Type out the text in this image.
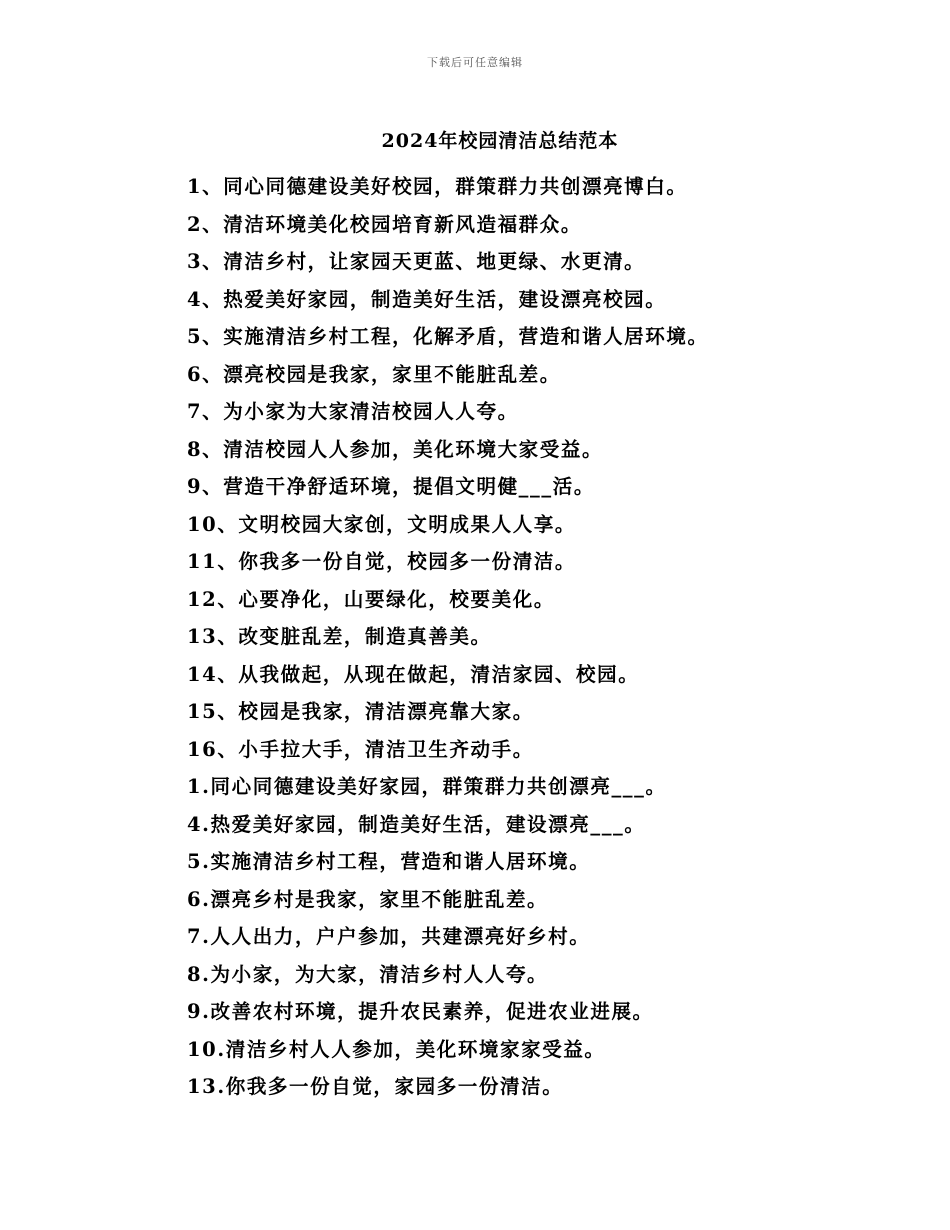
下载后可任意编辑
2024年校园清洁总结范本
1、同心同德建设美好校园，群策群力共创漂亮博白。
2、清洁环境美化校园培育新风造福群众。
3、清洁乡村，让家园天更蓝、地更绿、水更清。
4、热爱美好家园，制造美好生活，建设漂亮校园。
5、实施清洁乡村工程，化解矛盾，营造和谐人居环境。
6、漂亮校园是我家，家里不能脏乱差。
7、为小家为大家清洁校园人人夸。
8、清洁校园人人参加，美化环境大家受益。
9、营造干净舒适环境，提倡文明健___活。
10、文明校园大家创，文明成果人人享。
11、你我多一份自觉，校园多一份清洁。
12、心要净化，山要绿化，校要美化。
13、改变脏乱差，制造真善美。
14、从我做起，从现在做起，清洁家园、校园。
15、校园是我家，清洁漂亮靠大家。
16、小手拉大手，清洁卫生齐动手。
1.同心同德建设美好家园，群策群力共创漂亮___。
4.热爱美好家园，制造美好生活，建设漂亮___。
5.实施清洁乡村工程，营造和谐人居环境。
6.漂亮乡村是我家，家里不能脏乱差。
7.人人出力，户户参加，共建漂亮好乡村。
8.为小家，为大家，清洁乡村人人夸。
9.改善农村环境，提升农民素养，促进农业进展。
10.清洁乡村人人参加，美化环境家家受益。
13.你我多一份自觉，家园多一份清洁。
